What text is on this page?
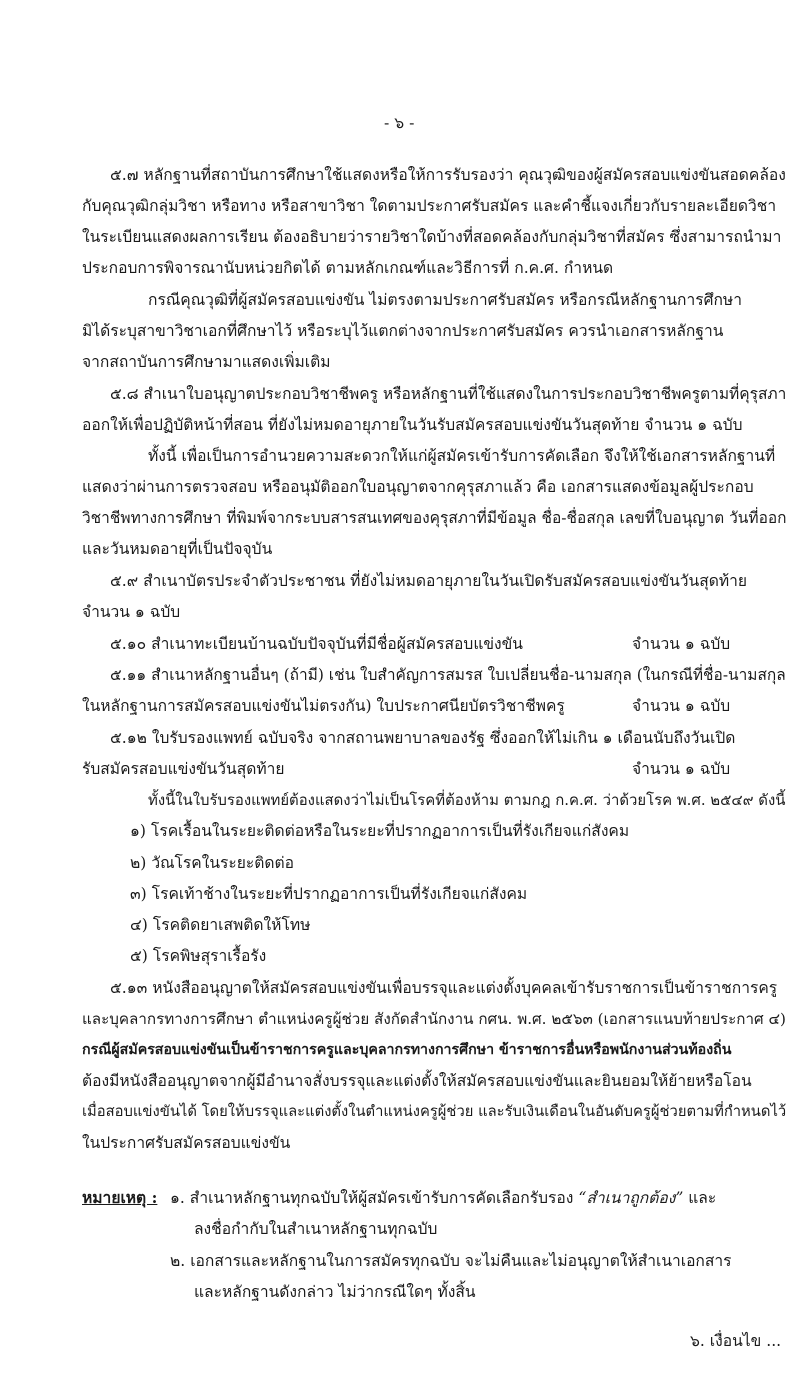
- ๖ -
๕.๗ หลักฐานที่สถาบันการศึกษาใช้แสดงหรือให้การรับรองว่า คุณวุฒิของผู้สมัครสอบแข่งขันสอดคล้อง
กับคุณวุฒิกลุ่มวิชา หรือทาง หรือสาขาวิชา ใดตามประกาศรับสมัคร และคำชี้แจงเกี่ยวกับรายละเอียดวิชา
ในระเบียนแสดงผลการเรียน ต้องอธิบายว่ารายวิชาใดบ้างที่สอดคล้องกับกลุ่มวิชาที่สมัคร ซึ่งสามารถนำมา
ประกอบการพิจารณานับหน่วยกิตได้ ตามหลักเกณฑ์และวิธีการที่ ก.ค.ศ. กำหนด
กรณีคุณวุฒิที่ผู้สมัครสอบแข่งขัน ไม่ตรงตามประกาศรับสมัคร หรือกรณีหลักฐานการศึกษา
มิได้ระบุสาขาวิชาเอกที่ศึกษาไว้ หรือระบุไว้แตกต่างจากประกาศรับสมัคร ควรนำเอกสารหลักฐาน
จากสถาบันการศึกษามาแสดงเพิ่มเติม
๕.๘ สำเนาใบอนุญาตประกอบวิชาชีพครู หรือหลักฐานที่ใช้แสดงในการประกอบวิชาชีพครูตามที่คุรุสภา
ออกให้เพื่อปฏิบัติหน้าที่สอน ที่ยังไม่หมดอายุภายในวันรับสมัครสอบแข่งขันวันสุดท้าย จำนวน ๑ ฉบับ
ทั้งนี้ เพื่อเป็นการอำนวยความสะดวกให้แก่ผู้สมัครเข้ารับการคัดเลือก จึงให้ใช้เอกสารหลักฐานที่
แสดงว่าผ่านการตรวจสอบ หรืออนุมัติออกใบอนุญาตจากคุรุสภาแล้ว คือ เอกสารแสดงข้อมูลผู้ประกอบ
วิชาชีพทางการศึกษา ที่พิมพ์จากระบบสารสนเทศของคุรุสภาที่มีข้อมูล ชื่อ-ชื่อสกุล เลขที่ใบอนุญาต วันที่ออก
และวันหมดอายุที่เป็นปัจจุบัน
๕.๙ สำเนาบัตรประจำตัวประชาชน ที่ยังไม่หมดอายุภายในวันเปิดรับสมัครสอบแข่งขันวันสุดท้าย
จำนวน ๑ ฉบับ
๕.๑๐ สำเนาทะเบียนบ้านฉบับปัจจุบันที่มีชื่อผู้สมัครสอบแข่งขัน	จำนวน ๑ ฉบับ
๕.๑๑ สำเนาหลักฐานอื่นๆ (ถ้ามี) เช่น ใบสำคัญการสมรส ใบเปลี่ยนชื่อ-นามสกุล (ในกรณีที่ชื่อ-นามสกุล
ในหลักฐานการสมัครสอบแข่งขันไม่ตรงกัน) ใบประกาศนียบัตรวิชาชีพครู	จำนวน ๑ ฉบับ
๕.๑๒ ใบรับรองแพทย์ ฉบับจริง จากสถานพยาบาลของรัฐ ซึ่งออกให้ไม่เกิน ๑ เดือนนับถึงวันเปิด
รับสมัครสอบแข่งขันวันสุดท้าย	จำนวน ๑ ฉบับ
ทั้งนี้ในใบรับรองแพทย์ต้องแสดงว่าไม่เป็นโรคที่ต้องห้าม ตามกฎ ก.ค.ศ. ว่าด้วยโรค พ.ศ. ๒๕๔๙ ดังนี้
๑) โรคเรื้อนในระยะติดต่อหรือในระยะที่ปรากฏอาการเป็นที่รังเกียจแก่สังคม
๒) วัณโรคในระยะติดต่อ
๓) โรคเท้าช้างในระยะที่ปรากฏอาการเป็นที่รังเกียจแก่สังคม
๔) โรคติดยาเสพติดให้โทษ
๕) โรคพิษสุราเรื้อรัง
๕.๑๓ หนังสืออนุญาตให้สมัครสอบแข่งขันเพื่อบรรจุและแต่งตั้งบุคคลเข้ารับราชการเป็นข้าราชการครู
และบุคลากรทางการศึกษา ตำแหน่งครูผู้ช่วย สังกัดสำนักงาน กศน. พ.ศ. ๒๕๖๓ (เอกสารแนบท้ายประกาศ ๔)
กรณีผู้สมัครสอบแข่งขันเป็นข้าราชการครูและบุคลากรทางการศึกษา ข้าราชการอื่นหรือพนักงานส่วนท้องถิ่น
ต้องมีหนังสืออนุญาตจากผู้มีอำนาจสั่งบรรจุและแต่งตั้งให้สมัครสอบแข่งขันและยินยอมให้ย้ายหรือโอน
เมื่อสอบแข่งขันได้ โดยให้บรรจุและแต่งตั้งในตำแหน่งครูผู้ช่วย และรับเงินเดือนในอันดับครูผู้ช่วยตามที่กำหนดไว้
ในประกาศรับสมัครสอบแข่งขัน
หมายเหตุ : ๑. สำเนาหลักฐานทุกฉบับให้ผู้สมัครเข้ารับการคัดเลือกรับรอง “สำเนาถูกต้อง” และ
ลงชื่อกำกับในสำเนาหลักฐานทุกฉบับ
๒. เอกสารและหลักฐานในการสมัครทุกฉบับ จะไม่คืนและไม่อนุญาตให้สำเนาเอกสาร
และหลักฐานดังกล่าว ไม่ว่ากรณีใดๆ ทั้งสิ้น
๖. เงื่อนไข ...
